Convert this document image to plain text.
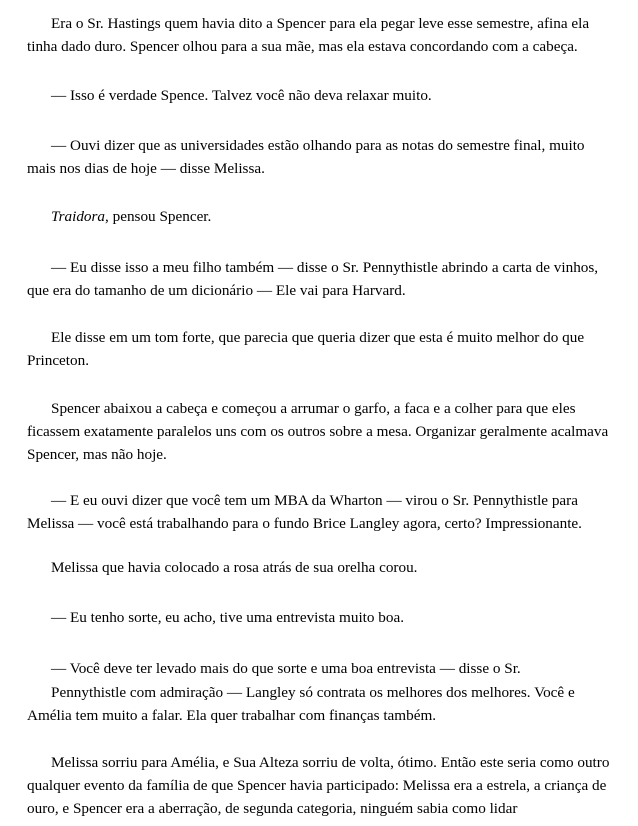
Era o Sr. Hastings quem havia dito a Spencer para ela pegar leve esse semestre, afina ela tinha dado duro. Spencer olhou para a sua mãe, mas ela estava concordando com a cabeça.

— Isso é verdade Spence. Talvez você não deva relaxar muito.

— Ouvi dizer que as universidades estão olhando para as notas do semestre final, muito mais nos dias de hoje — disse Melissa.

Traidora, pensou Spencer.

— Eu disse isso a meu filho também — disse o Sr. Pennythistle abrindo a carta de vinhos, que era do tamanho de um dicionário — Ele vai para Harvard.

Ele disse em um tom forte, que parecia que queria dizer que esta é muito melhor do que Princeton.

Spencer abaixou a cabeça e começou a arrumar o garfo, a faca e a colher para que eles ficassem exatamente paralelos uns com os outros sobre a mesa. Organizar geralmente acalmava Spencer, mas não hoje.

— E eu ouvi dizer que você tem um MBA da Wharton — virou o Sr. Pennythistle para Melissa — você está trabalhando para o fundo Brice Langley agora, certo? Impressionante.

Melissa que havia colocado a rosa atrás de sua orelha corou.

— Eu tenho sorte, eu acho, tive uma entrevista muito boa.

— Você deve ter levado mais do que sorte e uma boa entrevista — disse o Sr.

Pennythistle com admiração — Langley só contrata os melhores dos melhores. Você e Amélia tem muito a falar. Ela quer trabalhar com finanças também.

Melissa sorriu para Amélia, e Sua Alteza sorriu de volta, ótimo. Então este seria como outro qualquer evento da família de que Spencer havia participado: Melissa era a estrela, a criança de ouro, e Spencer era a aberração, de segunda categoria, ninguém sabia como lidar
